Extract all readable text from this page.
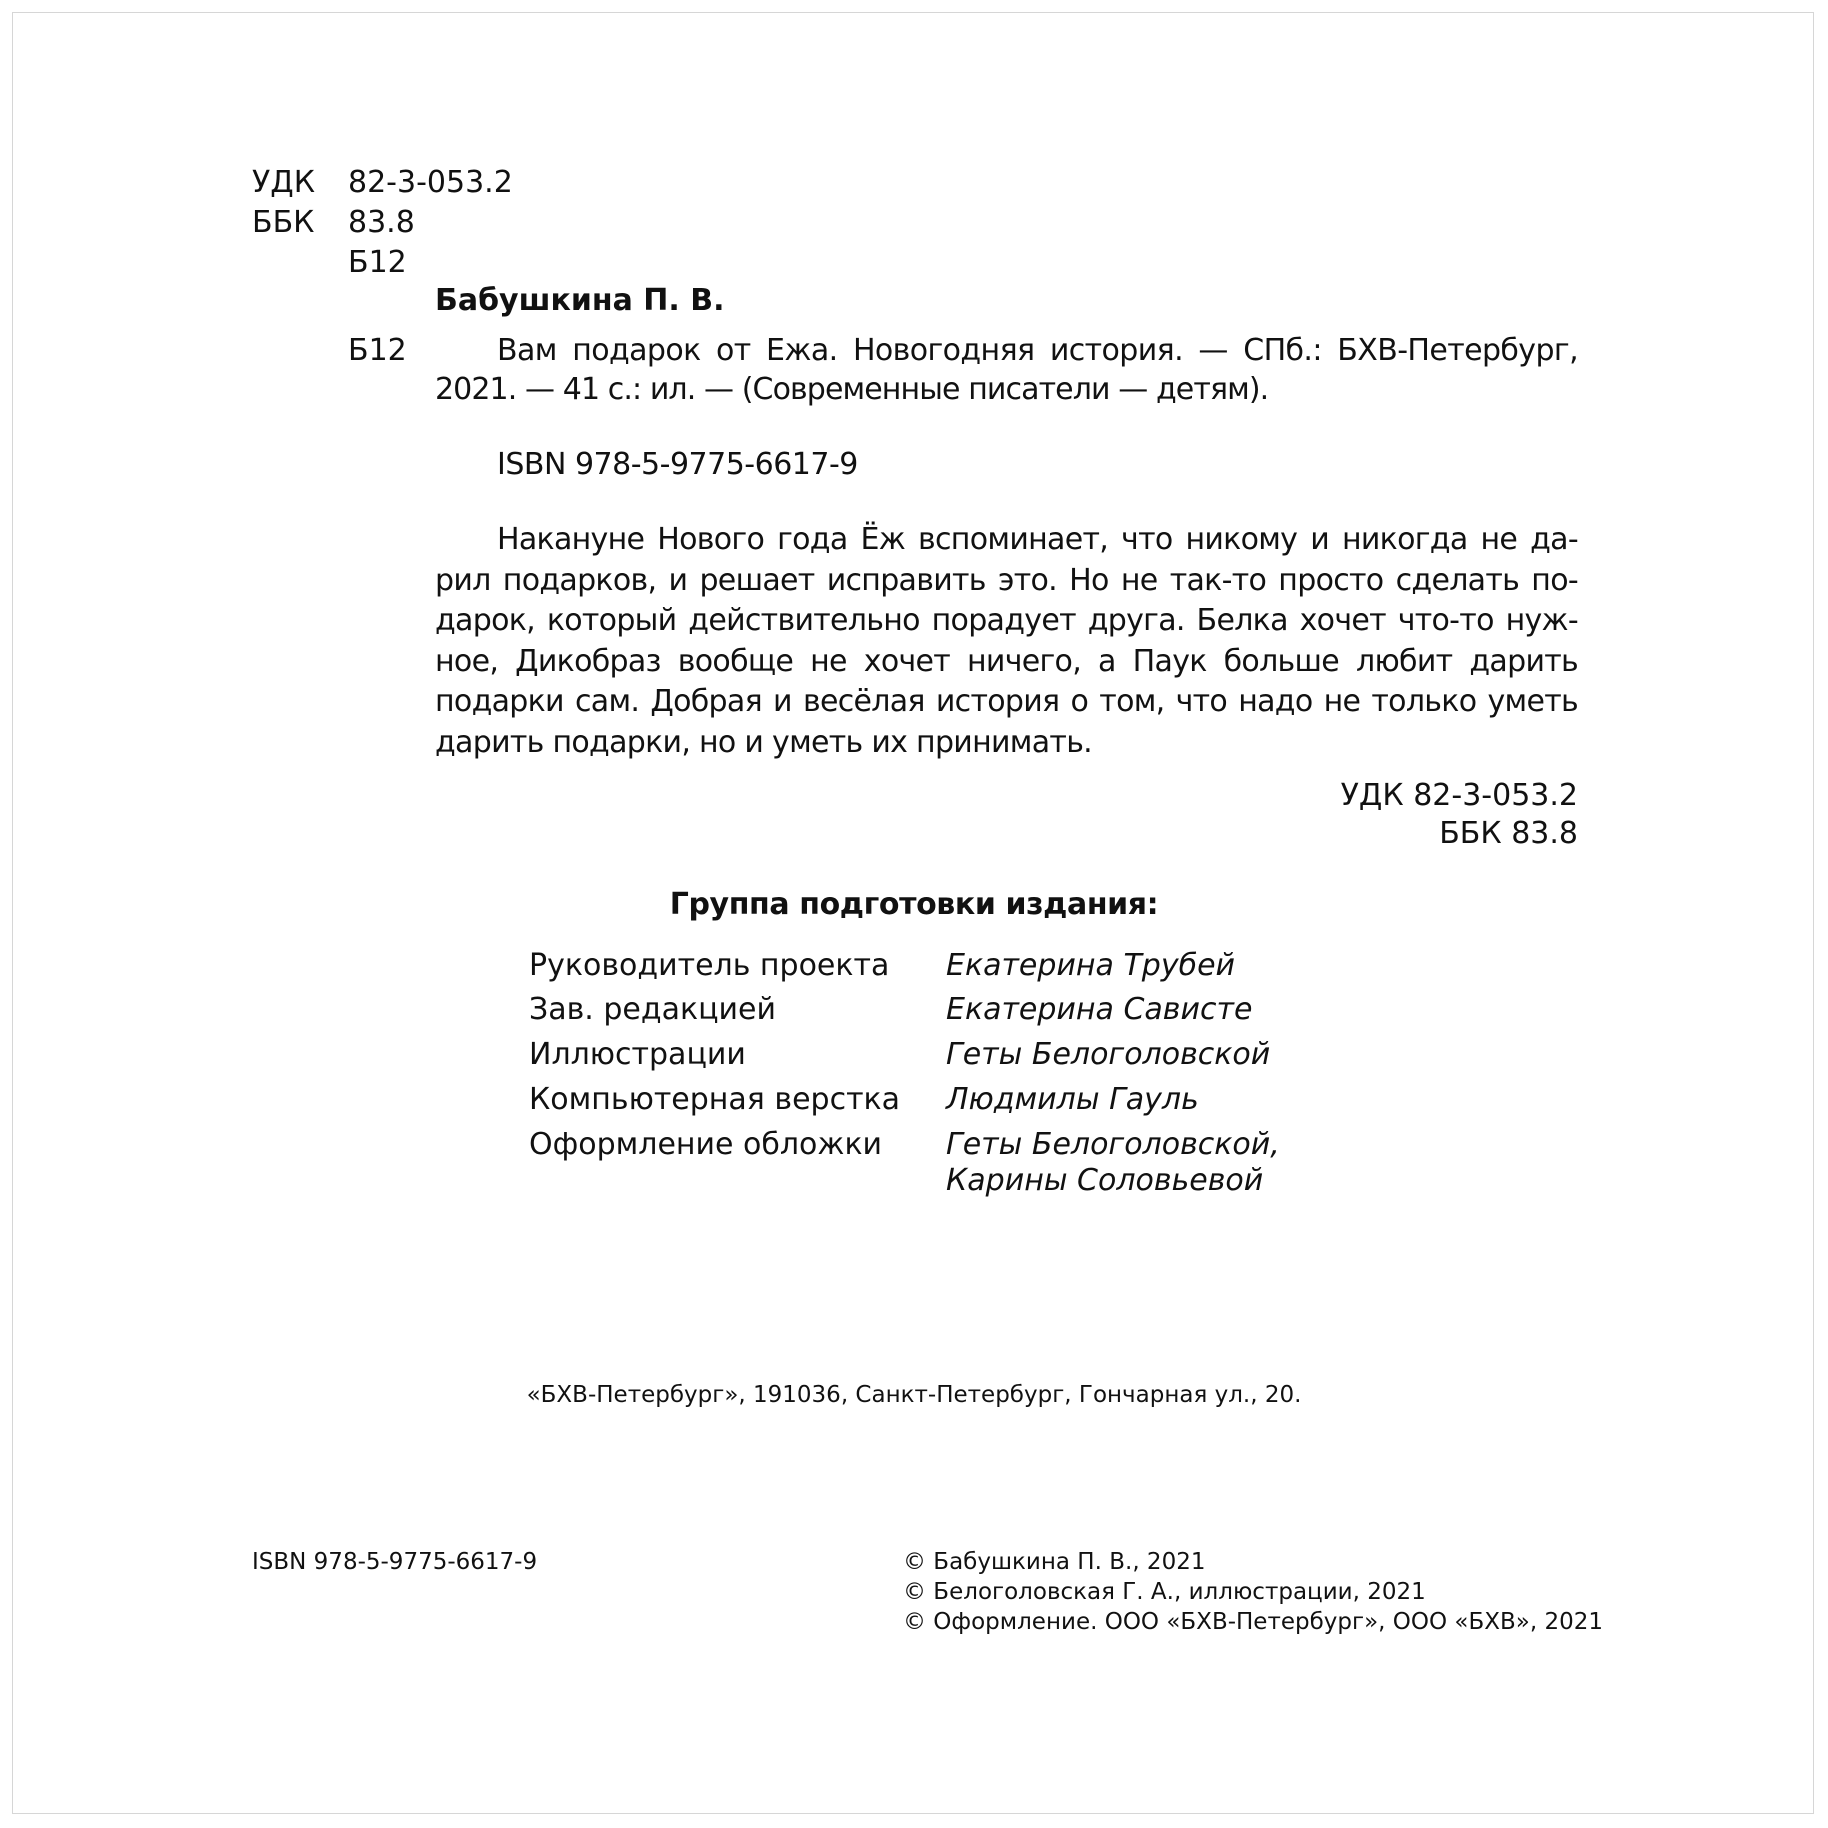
УДК 82-3-053.2
ББК 83.8
Б12
Бабушкина П. В.
Б12	Вам подарок от Ежа. Новогодняя история. — СПб.: БХВ-Петербург,
2021. — 41 с.: ил. — (Современные писатели — детям).
ISBN 978-5-9775-6617-9
Накануне Нового года Ёж вспоминает, что никому и никогда не да-
рил подарков, и решает исправить это. Но не так-то просто сделать по-
дарок, который действительно порадует друга. Белка хочет что-то нуж-
ное, Дикобраз вообще не хочет ничего, а Паук больше любит дарить
подарки сам. Добрая и весёлая история о том, что надо не только уметь
дарить подарки, но и уметь их принимать.
УДК 82-3-053.2
ББК 83.8
Группа подготовки издания:
Руководитель проекта Екатерина Трубей
Зав. редакцией	Екатерина Сависте
Иллюстрации	Геты Белоголовской
Компьютерная верстка Людмилы Гауль
Оформление обложки Геты Белоголовской,
Карины Соловьевой
«БХВ-Петербург», 191036, Санкт-Петербург, Гончарная ул., 20.
ISBN 978-5-9775-6617-9	© Бабушкина П. В., 2021
© Белоголовская Г. А., иллюстрации, 2021
© Оформление. ООО «БХВ-Петербург», ООО «БХВ», 2021
